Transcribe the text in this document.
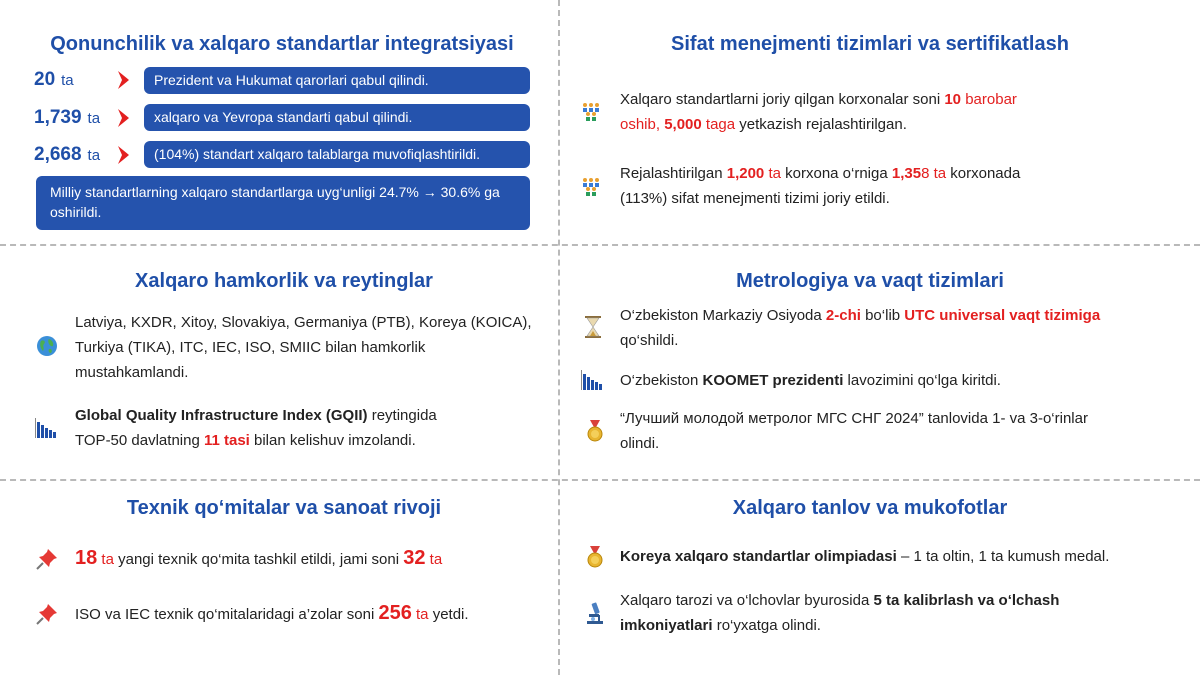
Qonunchilik va xalqaro standartlar integratsiyasi
20 ta	Prezident va Hukumat qarorlari qabul qilindi.
1,739 ta	xalqaro va Yevropa standarti qabul qilindi.
2,668 ta	(104%) standart xalqaro talablarga muvofiqlashtirildi.
Milliy standartlarning xalqaro standartlarga uyg‘unligi 24.7% → 30.6% ga oshirildi.
Sifat menejmenti tizimlari va sertifikatlash
Xalqaro standartlarni joriy qilgan korxonalar soni 10 barobar
oshib, 5,000 taga yetkazish rejalashtirilgan.
Rejalashtirilgan 1,200 ta korxona o‘rniga 1,358 ta korxonada
(113%) sifat menejmenti tizimi joriy etildi.
Xalqaro hamkorlik va reytinglar
Latviya, KXDR, Xitoy, Slovakiya, Germaniya (PTB), Koreya (KOICA), Turkiya (TIKA), ITC, IEC, ISO, SMIIC bilan hamkorlik mustahkamlandi.
Global Quality Infrastructure Index (GQII) reytingida
TOP-50 davlatning 11 tasi bilan kelishuv imzolandi.
Metrologiya va vaqt tizimlari
O‘zbekiston Markaziy Osiyoda 2-chi bo‘lib UTC universal vaqt tizimiga
qo‘shildi.
O‘zbekiston KOOMET prezidenti lavozimini qo‘lga kiritdi.
“Лучший молодой метролог МГС СНГ 2024” tanlovida 1- va 3-o‘rinlar
olindi.
Texnik qo‘mitalar va sanoat rivoji
18 ta yangi texnik qo‘mita tashkil etildi, jami soni 32 ta
ISO va IEC texnik qo‘mitalaridagi a’zolar soni 256 ta yetdi.
Xalqaro tanlov va mukofotlar
Koreya xalqaro standartlar olimpiadasi – 1 ta oltin, 1 ta kumush medal.
Xalqaro tarozi va o‘lchovlar byurosida 5 ta kalibrlash va o‘lchash
imkoniyatlari ro‘yxatga olindi.
